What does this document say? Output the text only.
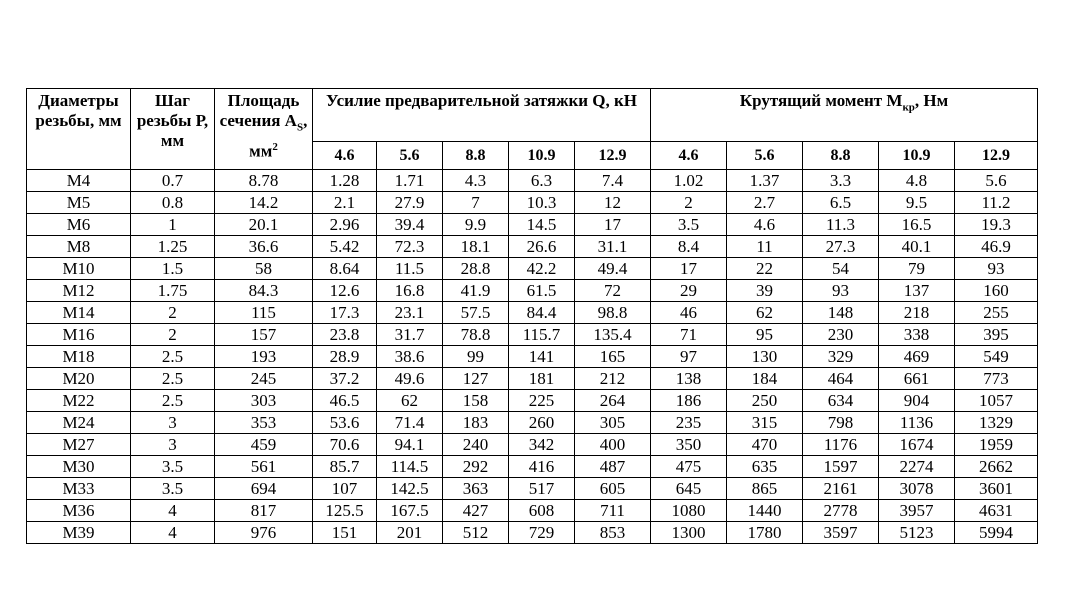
Диаметры резьбы, мм	Шаг резьбы Р, мм	Площадь сечения $A_S$, $мм^2$	Усилие предварительной затяжки Q, кН					Крутящий момент $M_{кр}$, Нм				
			4.6	5.6	8.8	10.9	12.9	4.6	5.6	8.8	10.9	12.9
M4	0.7	8.78	1.28	1.71	4.3	6.3	7.4	1.02	1.37	3.3	4.8	5.6
M5	0.8	14.2	2.1	27.9	7	10.3	12	2	2.7	6.5	9.5	11.2
M6	1	20.1	2.96	39.4	9.9	14.5	17	3.5	4.6	11.3	16.5	19.3
M8	1.25	36.6	5.42	72.3	18.1	26.6	31.1	8.4	11	27.3	40.1	46.9
M10	1.5	58	8.64	11.5	28.8	42.2	49.4	17	22	54	79	93
M12	1.75	84.3	12.6	16.8	41.9	61.5	72	29	39	93	137	160
M14	2	115	17.3	23.1	57.5	84.4	98.8	46	62	148	218	255
M16	2	157	23.8	31.7	78.8	115.7	135.4	71	95	230	338	395
M18	2.5	193	28.9	38.6	99	141	165	97	130	329	469	549
M20	2.5	245	37.2	49.6	127	181	212	138	184	464	661	773
M22	2.5	303	46.5	62	158	225	264	186	250	634	904	1057
M24	3	353	53.6	71.4	183	260	305	235	315	798	1136	1329
M27	3	459	70.6	94.1	240	342	400	350	470	1176	1674	1959
M30	3.5	561	85.7	114.5	292	416	487	475	635	1597	2274	2662
M33	3.5	694	107	142.5	363	517	605	645	865	2161	3078	3601
M36	4	817	125.5	167.5	427	608	711	1080	1440	2778	3957	4631
M39	4	976	151	201	512	729	853	1300	1780	3597	5123	5994
